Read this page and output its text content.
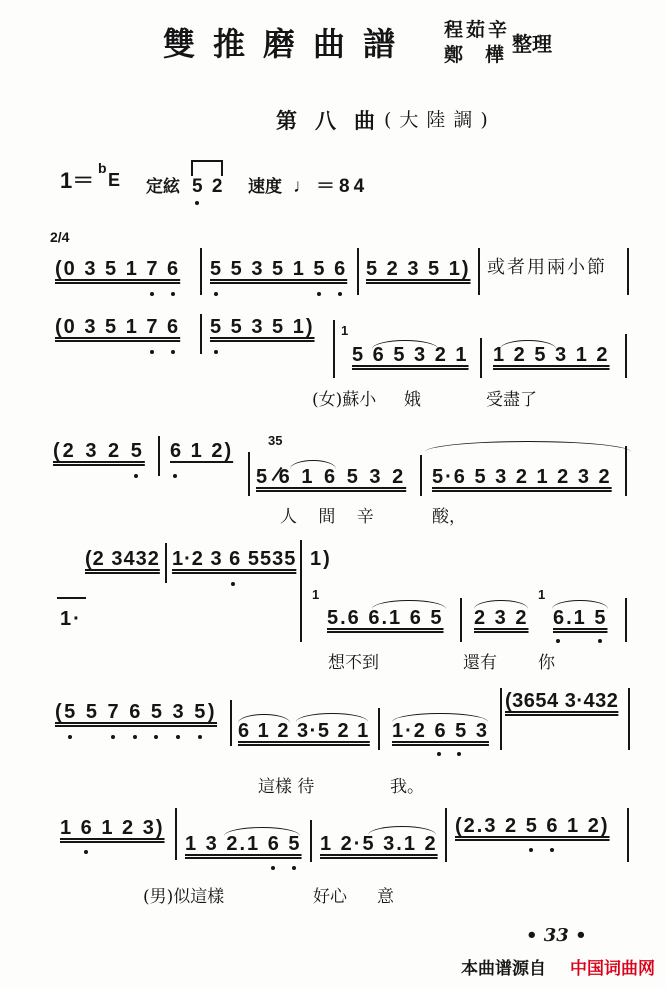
雙推磨曲譜 程茹辛
鄭樺
整理
第八曲
(大陸調)
1＝ b
E 定絃 5 2 速度 ♩＝84
2/4
(0 3 5 1 7 6 5 5 3 5 1 5 6 5 2 3 5 1) 或者用兩小節
(0 3 5 1 7 6 5 5 3 5 1) 1
5 6 5 3 2 1 1 2 5 3 1 2
(女)蘇小 娥	受盡了
(2 3 2 5 6 1 2)	35
5 6 1 6 5 3 2 5·6 5 3 2 1 2 3 2
人 間 辛	酸，
(2 3432 1·2 3 6 5535 1)
1·
1
5.6 6.1 6 5 2 3 2
1
6.1 5
想不到	還有 你
(5 5 7 6 5 3 5)
6 1 2 3·5 2 1 1·2 6 5 3
(3654 3·432
這樣 待	我。
1 6 1 2 3)
1 3 2.1 6 5 1 2·5 3.1 2
(2.3 2 5 6 1 2)
(男)似這樣	好心 意
• 33 •
本曲谱源自 中国词曲网
